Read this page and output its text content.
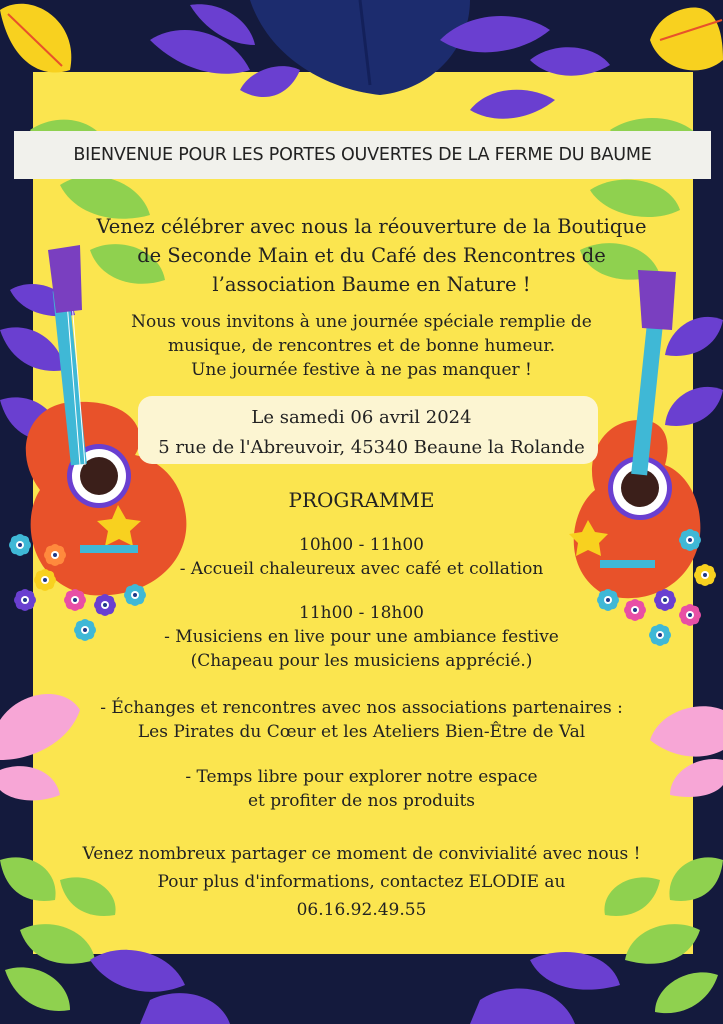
BIENVENUE POUR LES PORTES OUVERTES DE LA FERME DU BAUME
Venez célébrer avec nous la réouverture de la Boutique
de Seconde Main et du Café des Rencontres de
l’association Baume en Nature !
Nous vous invitons à une journée spéciale remplie de
musique, de rencontres et de bonne humeur.
Une journée festive à ne pas manquer !
Le samedi 06 avril 2024
5 rue de l'Abreuvoir, 45340 Beaune la Rolande
PROGRAMME
10h00 - 11h00
- Accueil chaleureux avec café et collation
11h00 - 18h00
- Musiciens en live pour une ambiance festive
(Chapeau pour les musiciens apprécié.)
- Échanges et rencontres avec nos associations partenaires :
Les Pirates du Cœur et les Ateliers Bien-Être de Val
- Temps libre pour explorer notre espace
et profiter de nos produits
Venez nombreux partager ce moment de convivialité avec nous !
Pour plus d'informations, contactez ELODIE au
06.16.92.49.55
